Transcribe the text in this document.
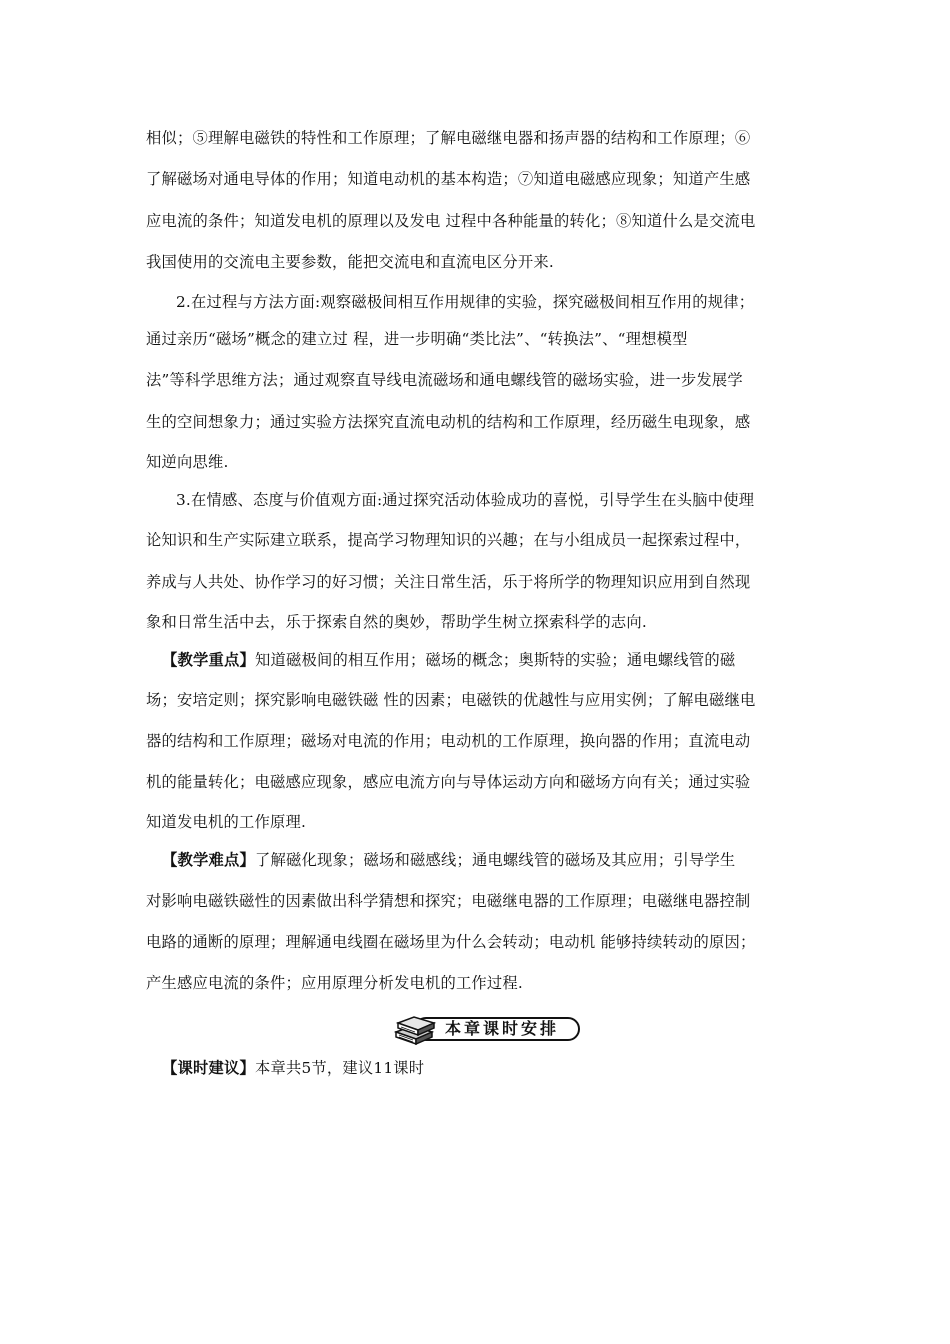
相似；⑤理解电磁铁的特性和工作原理；了解电磁继电器和扬声器的结构和工作原理；⑥
了解磁场对通电导体的作用；知道电动机的基本构造；⑦知道电磁感应现象；知道产生感
应电流的条件；知道发电机的原理以及发电 过程中各种能量的转化；⑧知道什么是交流电
我国使用的交流电主要参数，能把交流电和直流电区分开来.
2.在过程与方法方面:观察磁极间相互作用规律的实验，探究磁极间相互作用的规律；
通过亲历“磁场”概念的建立过 程，进一步明确“类比法”、“转换法”、“理想模型
法”等科学思维方法；通过观察直导线电流磁场和通电螺线管的磁场实验，进一步发展学
生的空间想象力；通过实验方法探究直流电动机的结构和工作原理，经历磁生电现象，感
知逆向思维.
3.在情感、态度与价值观方面:通过探究活动体验成功的喜悦，引导学生在头脑中使理
论知识和生产实际建立联系，提高学习物理知识的兴趣；在与小组成员一起探索过程中，
养成与人共处、协作学习的好习惯；关注日常生活，乐于将所学的物理知识应用到自然现
象和日常生活中去，乐于探索自然的奥妙，帮助学生树立探索科学的志向.
【教学重点】知道磁极间的相互作用；磁场的概念；奥斯特的实验；通电螺线管的磁
场；安培定则；探究影响电磁铁磁 性的因素；电磁铁的优越性与应用实例；了解电磁继电
器的结构和工作原理；磁场对电流的作用；电动机的工作原理，换向器的作用；直流电动
机的能量转化；电磁感应现象，感应电流方向与导体运动方向和磁场方向有关；通过实验
知道发电机的工作原理.
【教学难点】了解磁化现象；磁场和磁感线；通电螺线管的磁场及其应用；引导学生
对影响电磁铁磁性的因素做出科学猜想和探究；电磁继电器的工作原理；电磁继电器控制
电路的通断的原理；理解通电线圈在磁场里为什么会转动；电动机 能够持续转动的原因；
产生感应电流的条件；应用原理分析发电机的工作过程.
【课时建议】本章共5节，建议11课时
本章课时安排
